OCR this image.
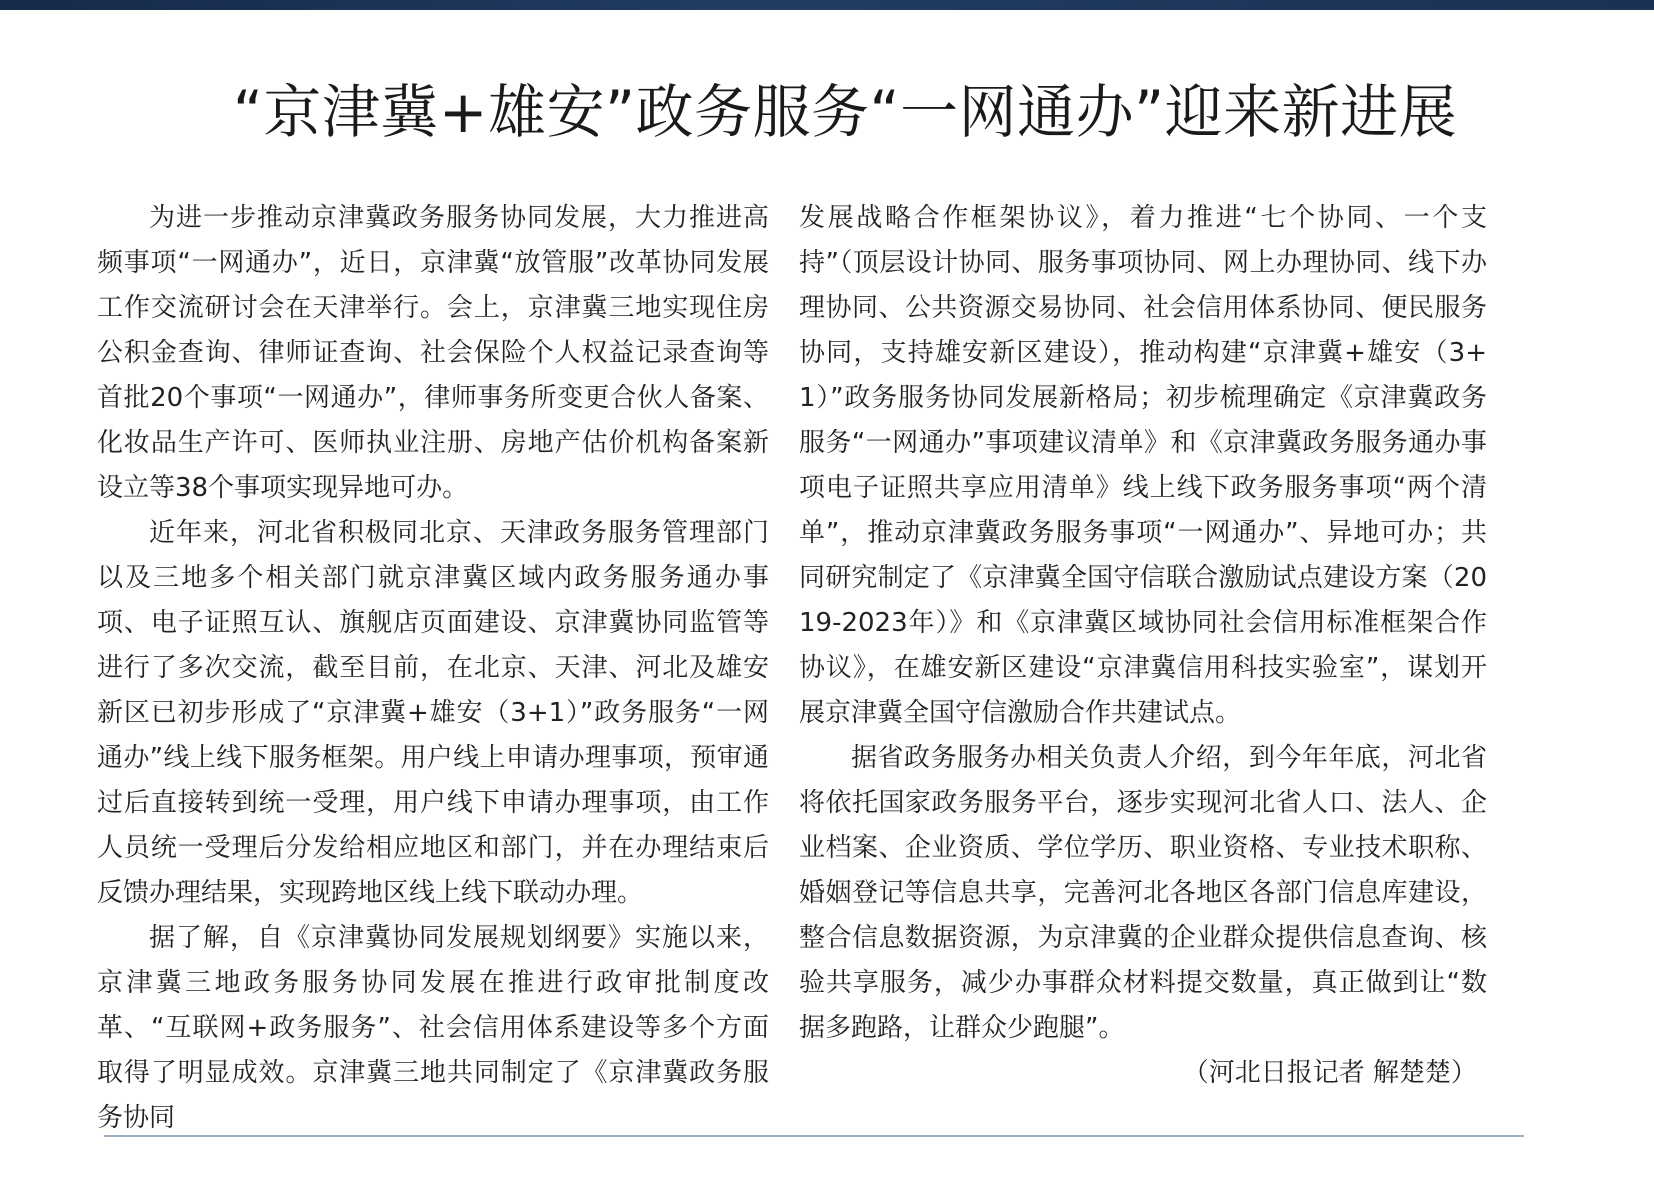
“京津冀+雄安”政务服务“一网通办”迎来新进展

为进一步推动京津冀政务服务协同发展，大力推进高频事项“一网通办”，近日，京津冀“放管服”改革协同发展工作交流研讨会在天津举行。会上，京津冀三地实现住房公积金查询、律师证查询、社会保险个人权益记录查询等首批20个事项“一网通办”，律师事务所变更合伙人备案、化妆品生产许可、医师执业注册、房地产估价机构备案新设立等38个事项实现异地可办。

近年来，河北省积极同北京、天津政务服务管理部门以及三地多个相关部门就京津冀区域内政务服务通办事项、电子证照互认、旗舰店页面建设、京津冀协同监管等进行了多次交流，截至目前，在北京、天津、河北及雄安新区已初步形成了“京津冀+雄安（3+1）”政务服务“一网通办”线上线下服务框架。用户线上申请办理事项，预审通过后直接转到统一受理，用户线下申请办理事项，由工作人员统一受理后分发给相应地区和部门，并在办理结束后反馈办理结果，实现跨地区线上线下联动办理。

据了解，自《京津冀协同发展规划纲要》实施以来，京津冀三地政务服务协同发展在推进行政审批制度改革、“互联网+政务服务”、社会信用体系建设等多个方面取得了明显成效。京津冀三地共同制定了《京津冀政务服务协同

发展战略合作框架协议》，着力推进“七个协同、一个支持”（顶层设计协同、服务事项协同、网上办理协同、线下办理协同、公共资源交易协同、社会信用体系协同、便民服务协同，支持雄安新区建设），推动构建“京津冀+雄安（3+1）”政务服务协同发展新格局；初步梳理确定《京津冀政务服务“一网通办”事项建议清单》和《京津冀政务服务通办事项电子证照共享应用清单》线上线下政务服务事项“两个清单”，推动京津冀政务服务事项“一网通办”、异地可办；共同研究制定了《京津冀全国守信联合激励试点建设方案（2019-2023年）》和《京津冀区域协同社会信用标准框架合作协议》，在雄安新区建设“京津冀信用科技实验室”，谋划开展京津冀全国守信激励合作共建试点。

据省政务服务办相关负责人介绍，到今年年底，河北省将依托国家政务服务平台，逐步实现河北省人口、法人、企业档案、企业资质、学位学历、职业资格、专业技术职称、婚姻登记等信息共享，完善河北各地区各部门信息库建设，整合信息数据资源，为京津冀的企业群众提供信息查询、核验共享服务，减少办事群众材料提交数量，真正做到让“数据多跑路，让群众少跑腿”。

（河北日报记者 解楚楚）
